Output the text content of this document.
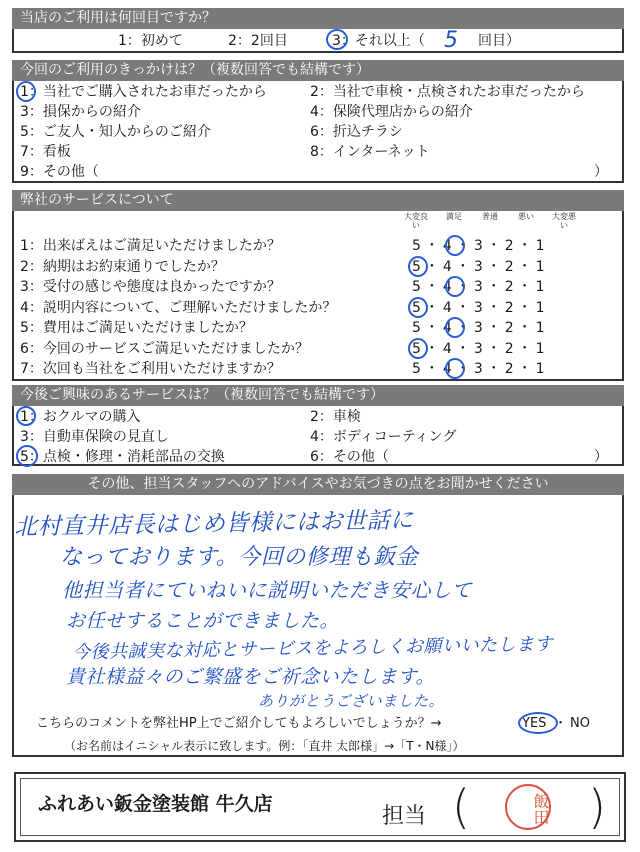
当店のご利用は何回目ですか？
1：初めて	2：2回目	3：それ以上（ 5 回目）
今回のご利用のきっかけは？（複数回答でも結構です）
1：当社でご購入されたお車だったから	2：当社で車検・点検されたお車だったから
3：損保からの紹介	4：保険代理店からの紹介
5：ご友人・知人からのご紹介	6：折込チラシ
7：看板	8：インターネット
9：その他（	）
弊社のサービスについて
大変良い
満足	普通	悪い	大変悪い
1：出来ばえはご満足いただけましたか？	5・4・3・2・1
2：納期はお約束通りでしたか？	5・4・3・2・1
3：受付の感じや態度は良かったですか？	5・4・3・2・1
4：説明内容について、ご理解いただけましたか？	5・4・3・2・1
5：費用はご満足いただけましたか？	5・4・3・2・1
6：今回のサービスご満足いただけましたか？	5・4・3・2・1
7：次回も当社をご利用いただけますか？	5・4・3・2・1
今後ご興味のあるサービスは？（複数回答でも結構です）
1：おクルマの購入	2：車検
3：自動車保険の見直し	4：ボディコーティング
5：点検・修理・消耗部品の交換	6：その他（	）
その他、担当スタッフへのアドバイスやお気づきの点をお聞かせください
北村直井店長はじめ皆様にはお世話に
なっております。今回の修理も鈑金
他担当者にていねいに説明いただき安心して
お任せすることができました。
今後共誠実な対応とサービスをよろしくお願いいたします
貴社様益々のご繁盛をご祈念いたします。
ありがとうございました。
こちらのコメントを弊社HP上でご紹介してもよろしいでしょうか？→	YES ・ NO
（お名前はイニシャル表示に致します。例：「直井 太郎様」→「T・N様」）
ふれあい鈑金塗装館 牛久店	担当 (	)
飯田
